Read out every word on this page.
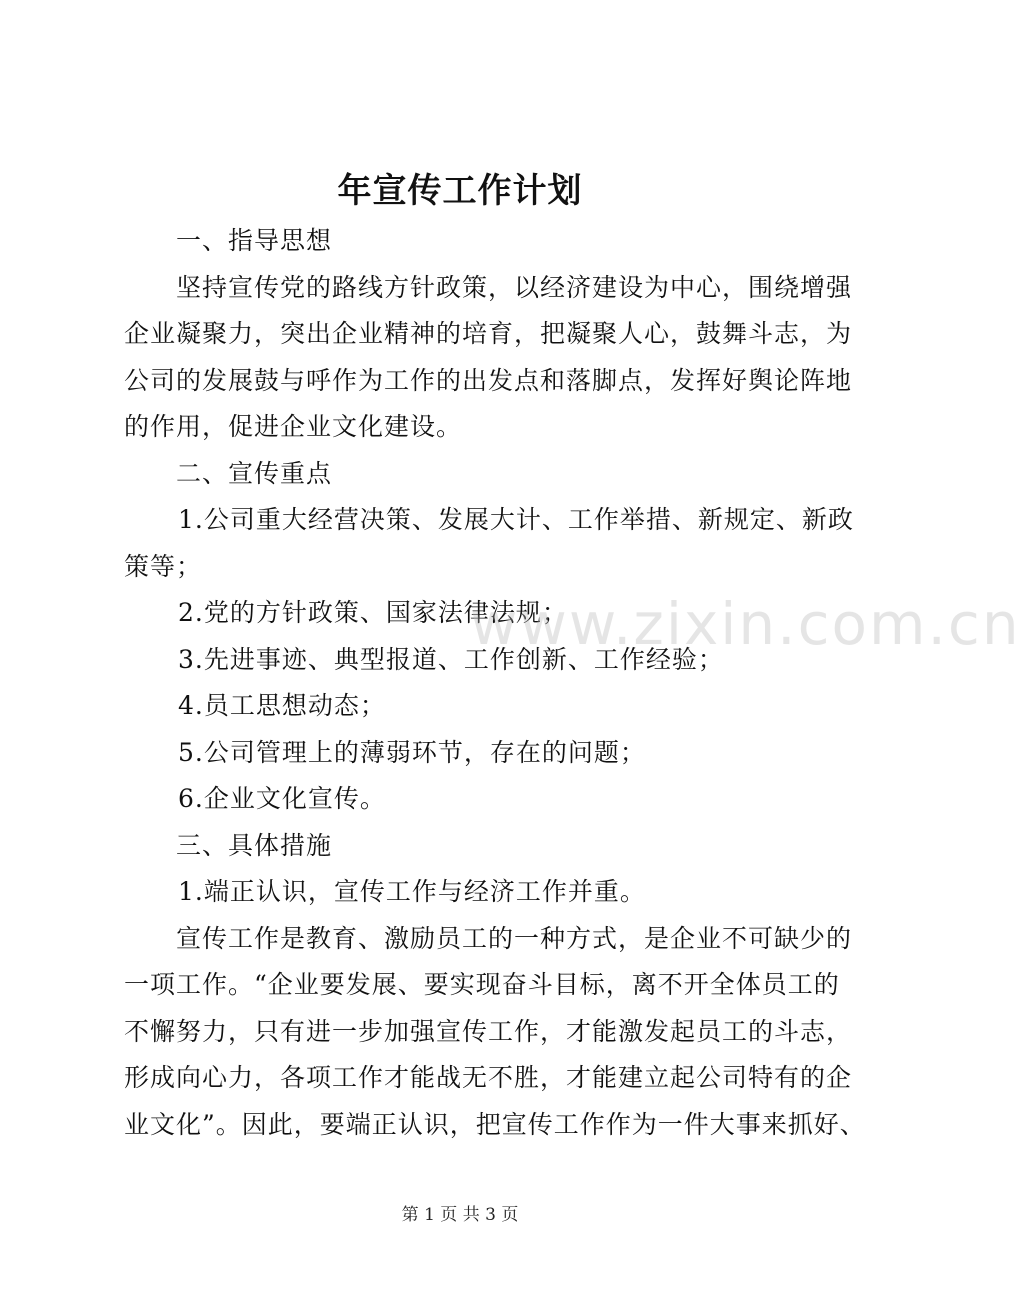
年宣传工作计划
一、指导思想
坚持宣传党的路线方针政策，以经济建设为中心，围绕增强
企业凝聚力，突出企业精神的培育，把凝聚人心，鼓舞斗志，为
公司的发展鼓与呼作为工作的出发点和落脚点，发挥好舆论阵地
的作用，促进企业文化建设。
二、宣传重点
1.公司重大经营决策、发展大计、工作举措、新规定、新政
策等；
2.党的方针政策、国家法律法规；
3.先进事迹、典型报道、工作创新、工作经验；
4.员工思想动态；
5.公司管理上的薄弱环节，存在的问题；
6.企业文化宣传。
三、具体措施
1.端正认识，宣传工作与经济工作并重。
宣传工作是教育、激励员工的一种方式，是企业不可缺少的
一项工作。“企业要发展、要实现奋斗目标，离不开全体员工的
不懈努力，只有进一步加强宣传工作，才能激发起员工的斗志，
形成向心力，各项工作才能战无不胜，才能建立起公司特有的企
业文化”。因此，要端正认识，把宣传工作作为一件大事来抓好、
www.zixin.com.cn
第 1 页 共 3 页
